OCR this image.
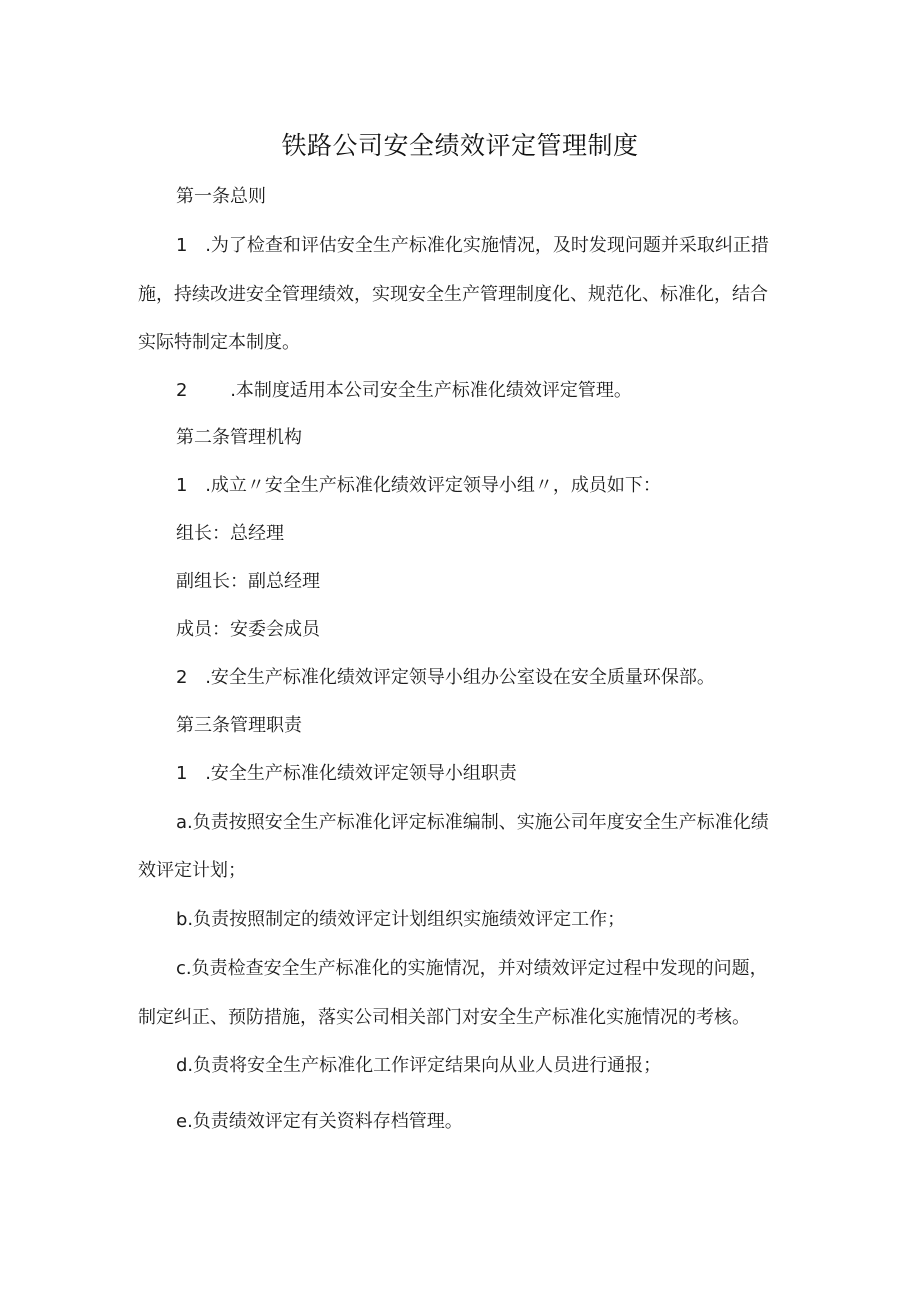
铁路公司安全绩效评定管理制度
第一条总则
1 .为了检查和评估安全生产标准化实施情况，及时发现问题并采取纠正措
施，持续改进安全管理绩效，实现安全生产管理制度化、规范化、标准化，结合
实际特制定本制度。
2 .本制度适用本公司安全生产标准化绩效评定管理。
第二条管理机构
1 .成立〃安全生产标准化绩效评定领导小组〃，成员如下：
组长：总经理
副组长：副总经理
成员：安委会成员
2 .安全生产标准化绩效评定领导小组办公室设在安全质量环保部。
第三条管理职责
1 .安全生产标准化绩效评定领导小组职责
a.负责按照安全生产标准化评定标准编制、实施公司年度安全生产标准化绩
效评定计划；
b.负责按照制定的绩效评定计划组织实施绩效评定工作；
c.负责检查安全生产标准化的实施情况，并对绩效评定过程中发现的问题，
制定纠正、预防措施，落实公司相关部门对安全生产标准化实施情况的考核。
d.负责将安全生产标准化工作评定结果向从业人员进行通报；
e.负责绩效评定有关资料存档管理。
